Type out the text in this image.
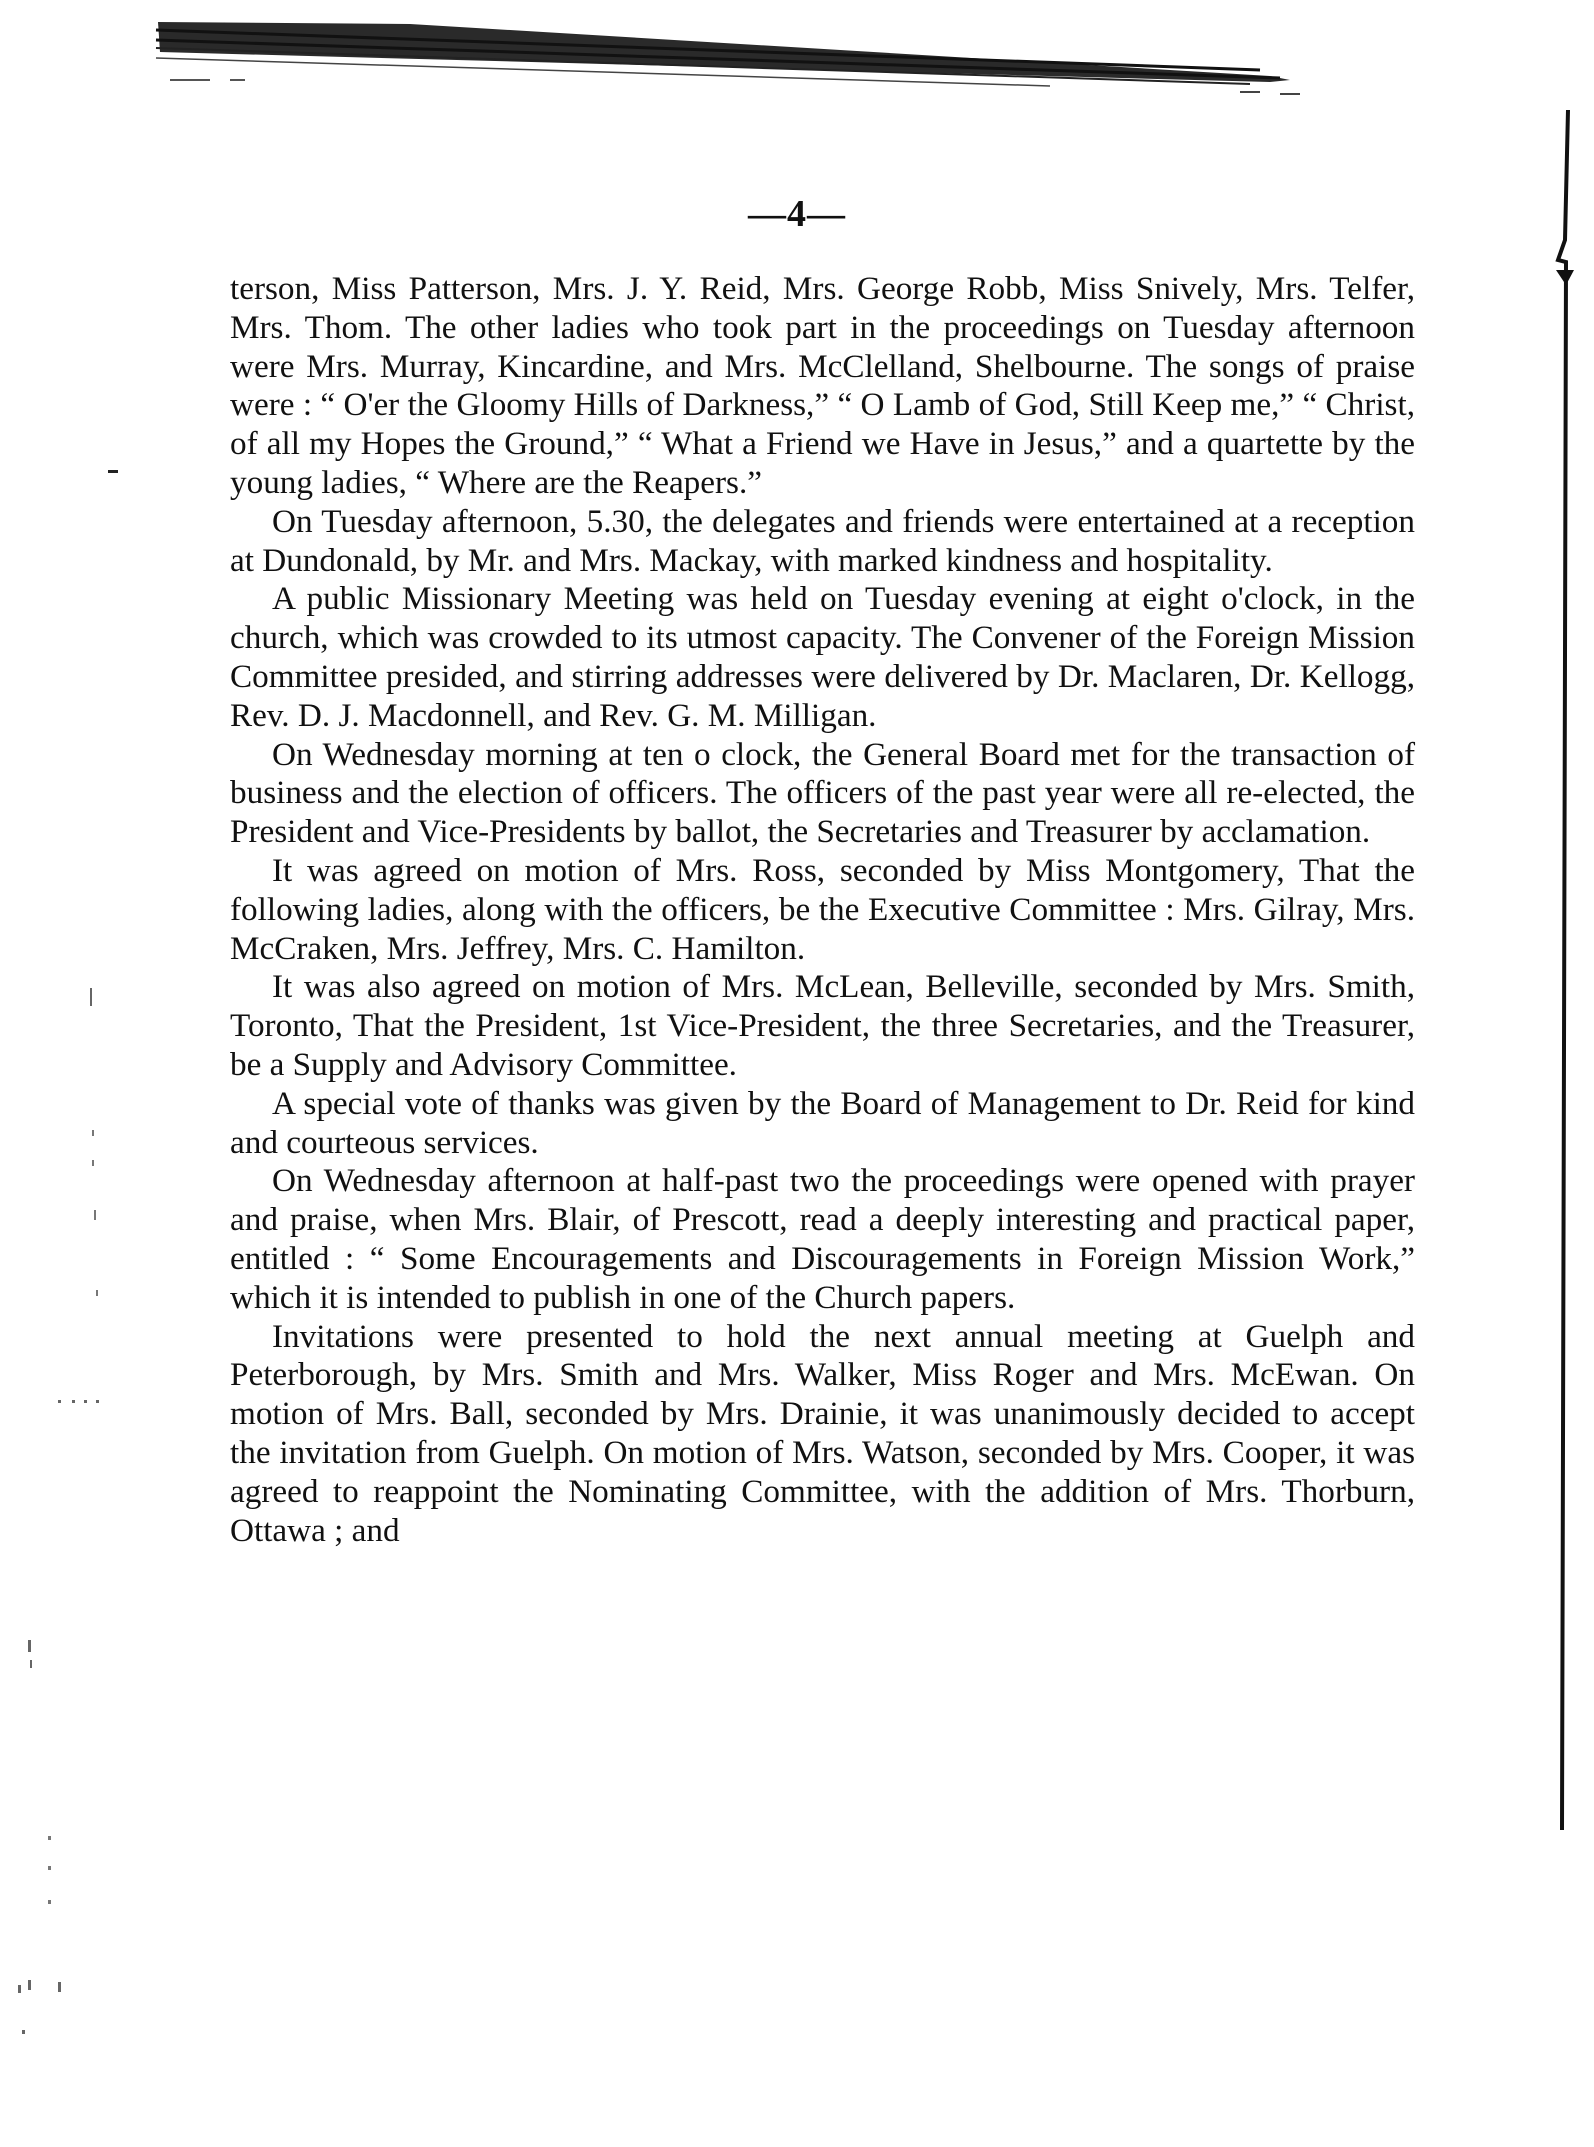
—4—

terson, Miss Patterson, Mrs. J. Y. Reid, Mrs. George Robb, Miss Snively, Mrs. Telfer, Mrs. Thom. The other ladies who took part in the proceedings on Tuesday afternoon were Mrs. Murray, Kincardine, and Mrs. McClelland, Shelbourne. The songs of praise were : “ O'er the Gloomy Hills of Darkness,” “ O Lamb of God, Still Keep me,” “ Christ, of all my Hopes the Ground,” “ What a Friend we Have in Jesus,” and a quartette by the young ladies, “ Where are the Reapers.”

On Tuesday afternoon, 5.30, the delegates and friends were entertained at a reception at Dundonald, by Mr. and Mrs. Mackay, with marked kindness and hospitality.

A public Missionary Meeting was held on Tuesday evening at eight o'clock, in the church, which was crowded to its utmost capacity. The Convener of the Foreign Mission Committee presided, and stirring addresses were delivered by Dr. Maclaren, Dr. Kellogg, Rev. D. J. Macdonnell, and Rev. G. M. Milligan.

On Wednesday morning at ten o clock, the General Board met for the transaction of business and the election of officers. The officers of the past year were all re-elected, the President and Vice-Presidents by ballot, the Secretaries and Treasurer by acclamation.

It was agreed on motion of Mrs. Ross, seconded by Miss Montgomery, That the following ladies, along with the officers, be the Executive Committee : Mrs. Gilray, Mrs. McCraken, Mrs. Jeffrey, Mrs. C. Hamilton.

It was also agreed on motion of Mrs. McLean, Belleville, seconded by Mrs. Smith, Toronto, That the President, 1st Vice-President, the three Secretaries, and the Treasurer, be a Supply and Advisory Committee.

A special vote of thanks was given by the Board of Management to Dr. Reid for kind and courteous services.

On Wednesday afternoon at half-past two the proceedings were opened with prayer and praise, when Mrs. Blair, of Prescott, read a deeply interesting and practical paper, entitled : “ Some Encouragements and Discouragements in Foreign Mission Work,” which it is intended to publish in one of the Church papers.

Invitations were presented to hold the next annual meeting at Guelph and Peterborough, by Mrs. Smith and Mrs. Walker, Miss Roger and Mrs. McEwan. On motion of Mrs. Ball, seconded by Mrs. Drainie, it was unanimously decided to accept the invitation from Guelph. On motion of Mrs. Watson, seconded by Mrs. Cooper, it was agreed to reappoint the Nominating Committee, with the addition of Mrs. Thorburn, Ottawa ; and
